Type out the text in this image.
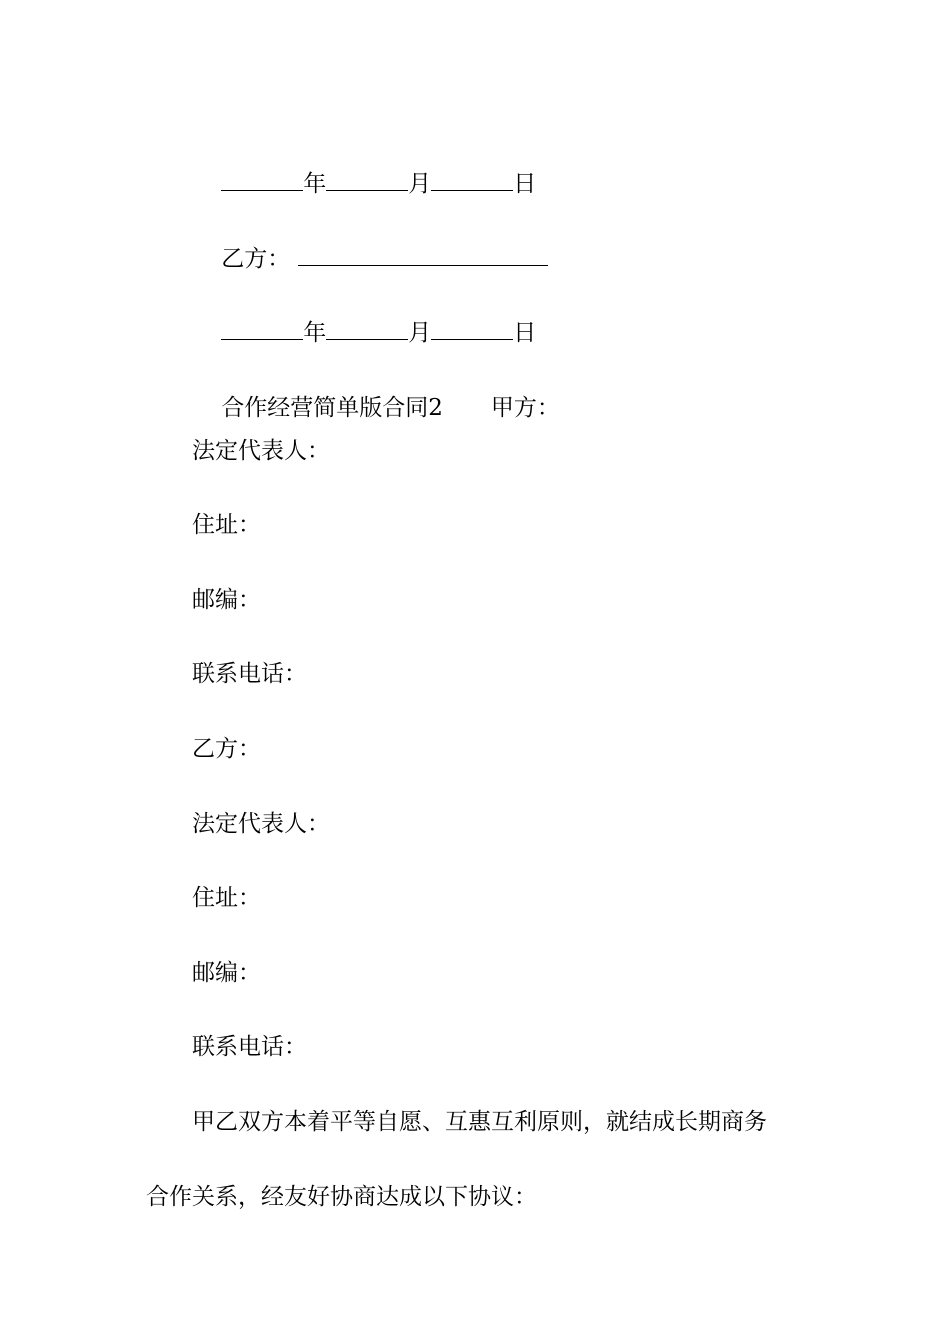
年	月	日

乙方：

年	月	日

合作经营简单版合同2 甲方：

法定代表人：
住址：
邮编：
联系电话：
乙方：
法定代表人：
住址：
邮编：
联系电话：
　　甲乙双方本着平等自愿、互惠互利原则，就结成长期商务
合作关系，经友好协商达成以下协议：
